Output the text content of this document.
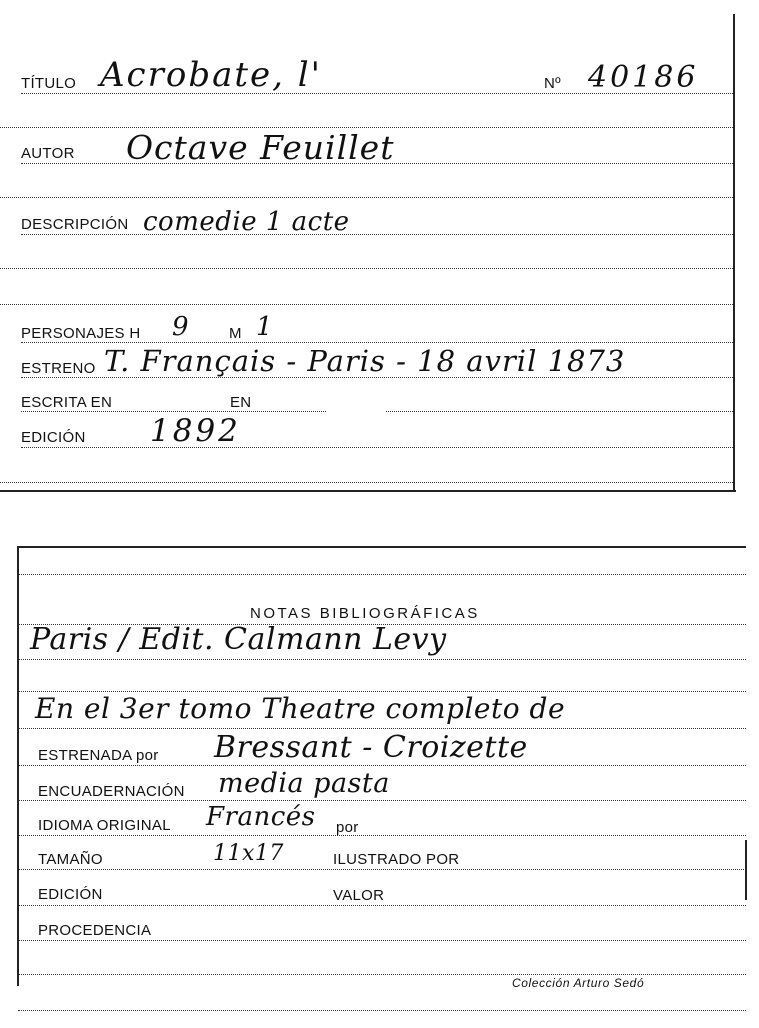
TÍTULO Acrobate, l'	Nº 40186
AUTOR Octave Feuillet
DESCRIPCIÓN comedie 1 acte
PERSONAJES H 9	M 1
ESTRENO T. Français - Paris - 18 avril 1873
ESCRITA EN	EN
EDICIÓN 1892
NOTAS BIBLIOGRÁFICAS
Paris / Edit. Calmann Levy
En el 3er tomo Theatre completo de
ESTRENADA por Bressant - Croizette
ENCUADERNACIÓN media pasta
IDIOMA ORIGINAL Francés por
TAMAÑO	11x17	ILUSTRADO POR
EDICIÓN	VALOR
PROCEDENCIA
Colección Arturo Sedó
